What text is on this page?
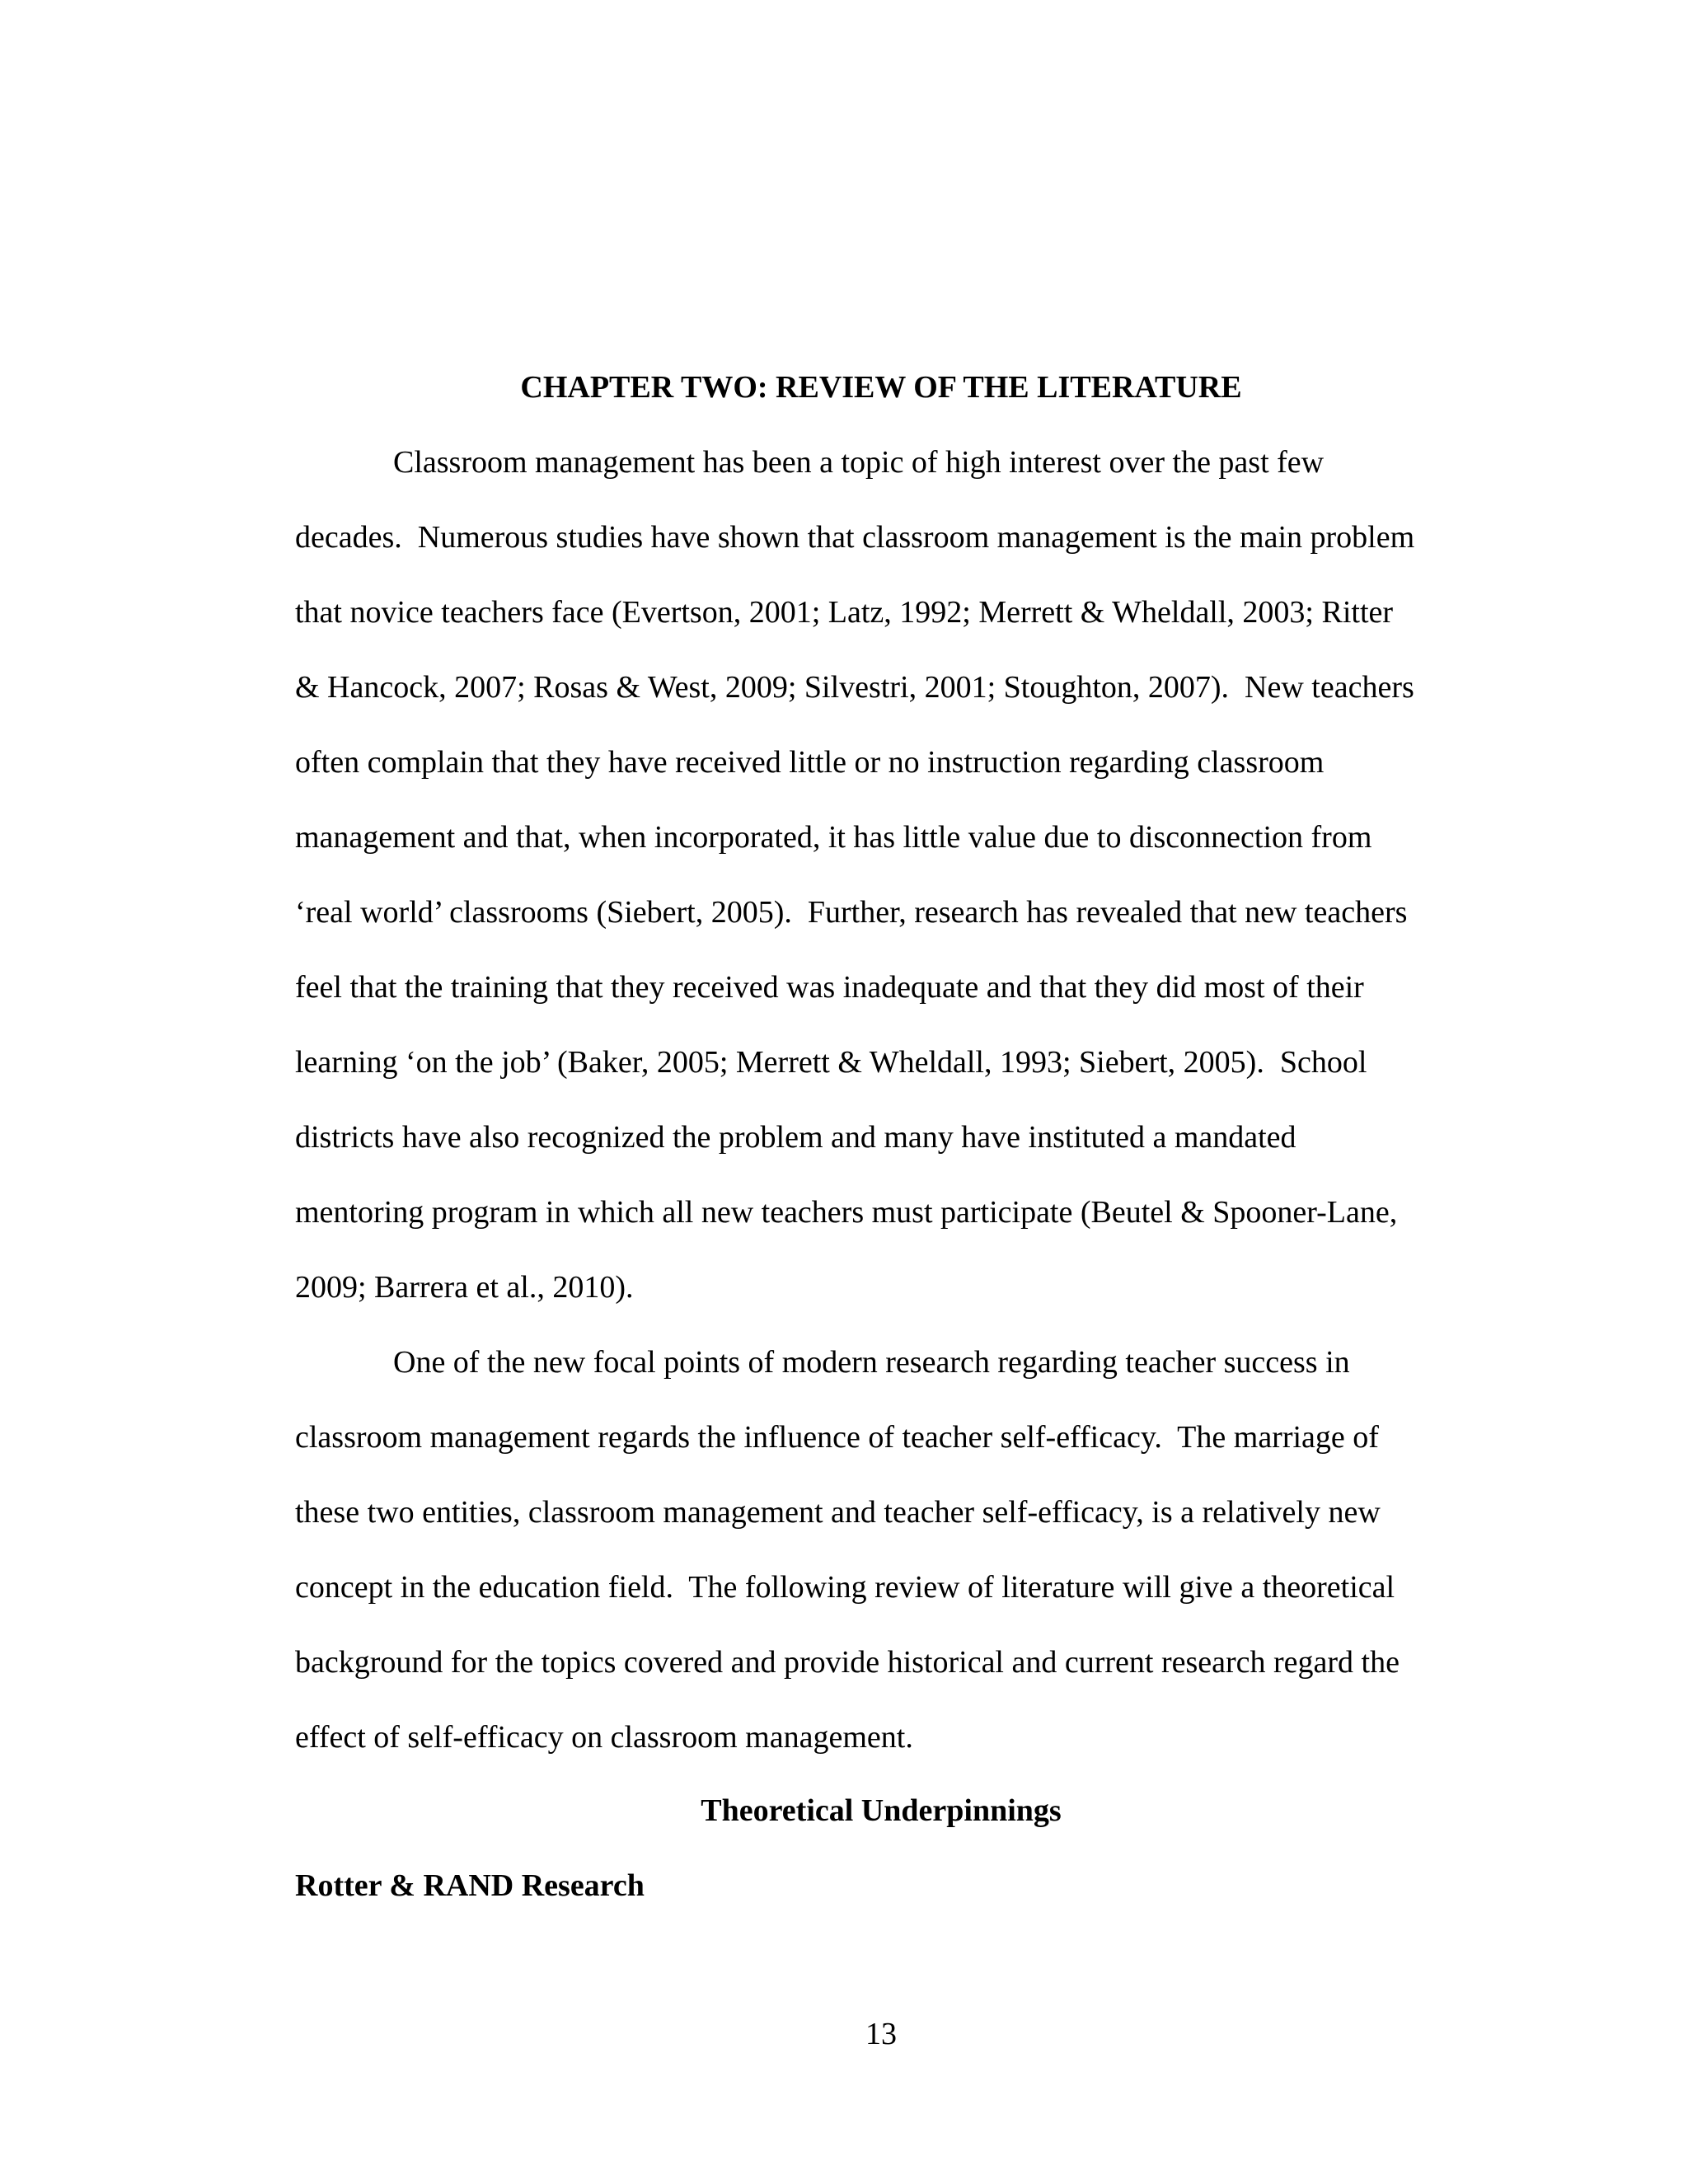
CHAPTER TWO: REVIEW OF THE LITERATURE

Classroom management has been a topic of high interest over the past few

decades.  Numerous studies have shown that classroom management is the main problem

that novice teachers face (Evertson, 2001; Latz, 1992; Merrett & Wheldall, 2003; Ritter

& Hancock, 2007; Rosas & West, 2009; Silvestri, 2001; Stoughton, 2007).  New teachers

often complain that they have received little or no instruction regarding classroom

management and that, when incorporated, it has little value due to disconnection from

‘real world’ classrooms (Siebert, 2005).  Further, research has revealed that new teachers

feel that the training that they received was inadequate and that they did most of their

learning ‘on the job’ (Baker, 2005; Merrett & Wheldall, 1993; Siebert, 2005).  School

districts have also recognized the problem and many have instituted a mandated

mentoring program in which all new teachers must participate (Beutel & Spooner-Lane,

2009; Barrera et al., 2010).

One of the new focal points of modern research regarding teacher success in

classroom management regards the influence of teacher self-efficacy.  The marriage of

these two entities, classroom management and teacher self-efficacy, is a relatively new

concept in the education field.  The following review of literature will give a theoretical

background for the topics covered and provide historical and current research regard the

effect of self-efficacy on classroom management.

Theoretical Underpinnings
Rotter & RAND Research
13
